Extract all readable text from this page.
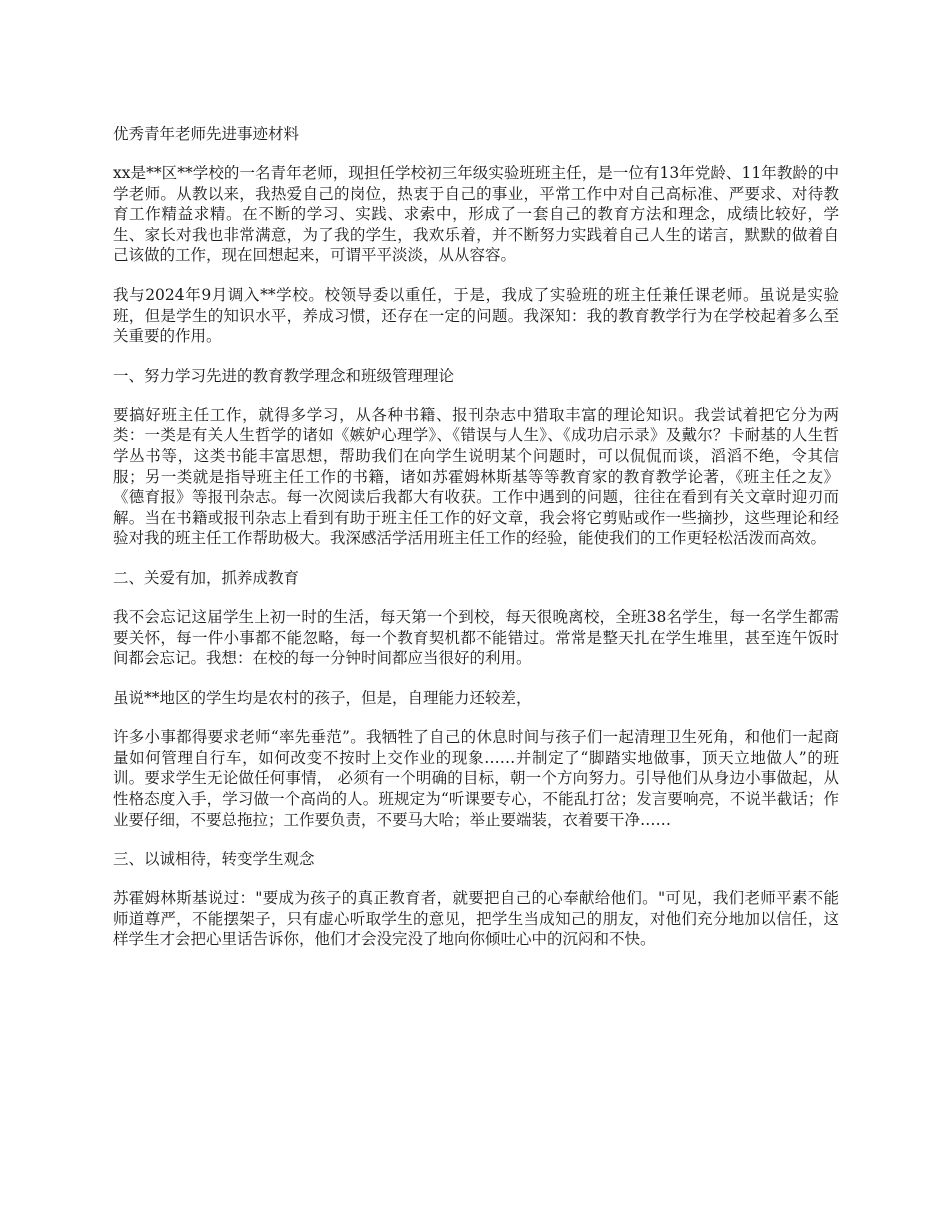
优秀青年老师先进事迹材料

xx是**区**学校的一名青年老师，现担任学校初三年级实验班班主任，是一位有13年党龄、11年教龄的中学老师。从教以来，我热爱自己的岗位，热衷于自己的事业，平常工作中对自己高标准、严要求、对待教育工作精益求精。在不断的学习、实践、求索中，形成了一套自己的教育方法和理念，成绩比较好，学生、家长对我也非常满意，为了我的学生，我欢乐着，并不断努力实践着自己人生的诺言，默默的做着自己该做的工作，现在回想起来，可谓平平淡淡，从从容容。

我与2024年9月调入**学校。校领导委以重任，于是，我成了实验班的班主任兼任课老师。虽说是实验班，但是学生的知识水平，养成习惯，还存在一定的问题。我深知：我的教育教学行为在学校起着多么至关重要的作用。

一、努力学习先进的教育教学理念和班级管理理论

要搞好班主任工作，就得多学习，从各种书籍、报刊杂志中猎取丰富的理论知识。我尝试着把它分为两类：一类是有关人生哲学的诸如《嫉妒心理学》、《错误与人生》、《成功启示录》及戴尔？卡耐基的人生哲学丛书等，这类书能丰富思想，帮助我们在向学生说明某个问题时，可以侃侃而谈，滔滔不绝，令其信服；另一类就是指导班主任工作的书籍，诸如苏霍姆林斯基等等教育家的教育教学论著，《班主任之友》《德育报》等报刊杂志。每一次阅读后我都大有收获。工作中遇到的问题，往往在看到有关文章时迎刃而解。当在书籍或报刊杂志上看到有助于班主任工作的好文章，我会将它剪贴或作一些摘抄，这些理论和经验对我的班主任工作帮助极大。我深感活学活用班主任工作的经验，能使我们的工作更轻松活泼而高效。

二、关爱有加，抓养成教育

我不会忘记这届学生上初一时的生活，每天第一个到校，每天很晚离校，全班38名学生，每一名学生都需要关怀，每一件小事都不能忽略，每一个教育契机都不能错过。常常是整天扎在学生堆里，甚至连午饭时间都会忘记。我想：在校的每一分钟时间都应当很好的利用。

虽说**地区的学生均是农村的孩子，但是，自理能力还较差，

许多小事都得要求老师“率先垂范”。我牺牲了自己的休息时间与孩子们一起清理卫生死角，和他们一起商量如何管理自行车，如何改变不按时上交作业的现象……并制定了“脚踏实地做事，顶天立地做人”的班训。要求学生无论做任何事情， 必须有一个明确的目标，朝一个方向努力。引导他们从身边小事做起，从性格态度入手，学习做一个高尚的人。班规定为“听课要专心，不能乱打岔；发言要响亮，不说半截话；作业要仔细，不要总拖拉；工作要负责，不要马大哈；举止要端装，衣着要干净……

三、以诚相待，转变学生观念

苏霍姆林斯基说过："要成为孩子的真正教育者，就要把自己的心奉献给他们。"可见，我们老师平素不能师道尊严，不能摆架子，只有虚心听取学生的意见，把学生当成知己的朋友，对他们充分地加以信任，这样学生才会把心里话告诉你，他们才会没完没了地向你倾吐心中的沉闷和不快。
